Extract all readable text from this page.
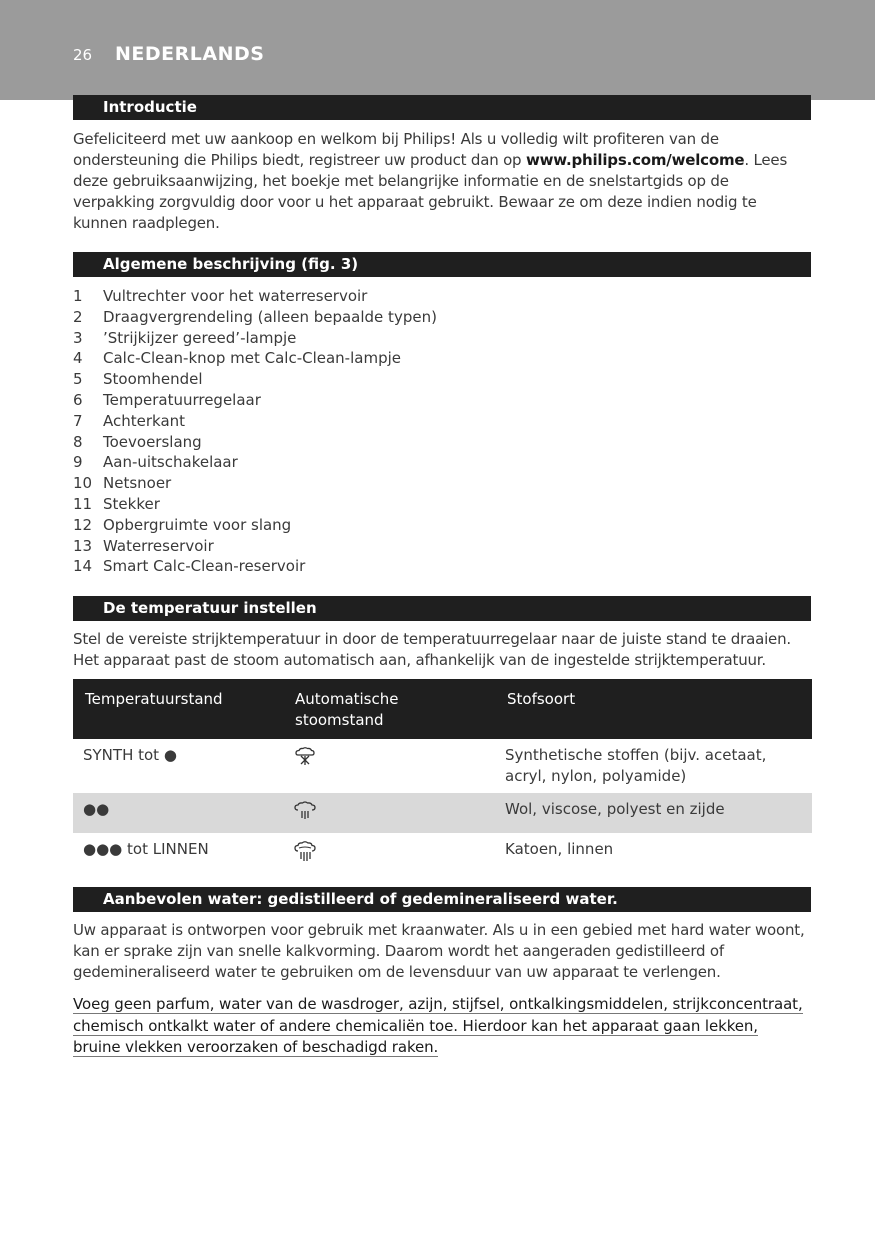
26 NEDERLANDS
Introductie
Gefeliciteerd met uw aankoop en welkom bij Philips! Als u volledig wilt profiteren van de ondersteuning die Philips biedt, registreer uw product dan op www.philips.com/welcome. Lees deze gebruiksaanwijzing, het boekje met belangrijke informatie en de snelstartgids op de verpakking zorgvuldig door voor u het apparaat gebruikt. Bewaar ze om deze indien nodig te kunnen raadplegen.
Algemene beschrijving (fig. 3)
1	Vultrechter voor het waterreservoir
2	Draagvergrendeling (alleen bepaalde typen)
3	’Strijkijzer gereed’-lampje
4	Calc-Clean-knop met Calc-Clean-lampje
5	Stoomhendel
6	Temperatuurregelaar
7	Achterkant
8	Toevoerslang
9	Aan-uitschakelaar
10 Netsnoer
11 Stekker
12 Opbergruimte voor slang
13 Waterreservoir
14 Smart Calc-Clean-reservoir
De temperatuur instellen
Stel de vereiste strijktemperatuur in door de temperatuurregelaar naar de juiste stand te draaien. Het apparaat past de stoom automatisch aan, afhankelijk van de ingestelde strijktemperatuur.
Temperatuurstand	Automatische stoomstand	Stofsoort
SYNTH tot ●		Synthetische stoffen (bijv. acetaat, acryl, nylon, polyamide)
●●		Wol, viscose, polyest en zijde
●●● tot LINNEN		Katoen, linnen
Aanbevolen water: gedistilleerd of gedemineraliseerd water.
Uw apparaat is ontworpen voor gebruik met kraanwater. Als u in een gebied met hard water woont, kan er sprake zijn van snelle kalkvorming. Daarom wordt het aangeraden gedistilleerd of gedemineraliseerd water te gebruiken om de levensduur van uw apparaat te verlengen.
Voeg geen parfum, water van de wasdroger, azijn, stijfsel, ontkalkingsmiddelen, strijkconcentraat,
chemisch ontkalkt water of andere chemicaliën toe. Hierdoor kan het apparaat gaan lekken,
bruine vlekken veroorzaken of beschadigd raken.
